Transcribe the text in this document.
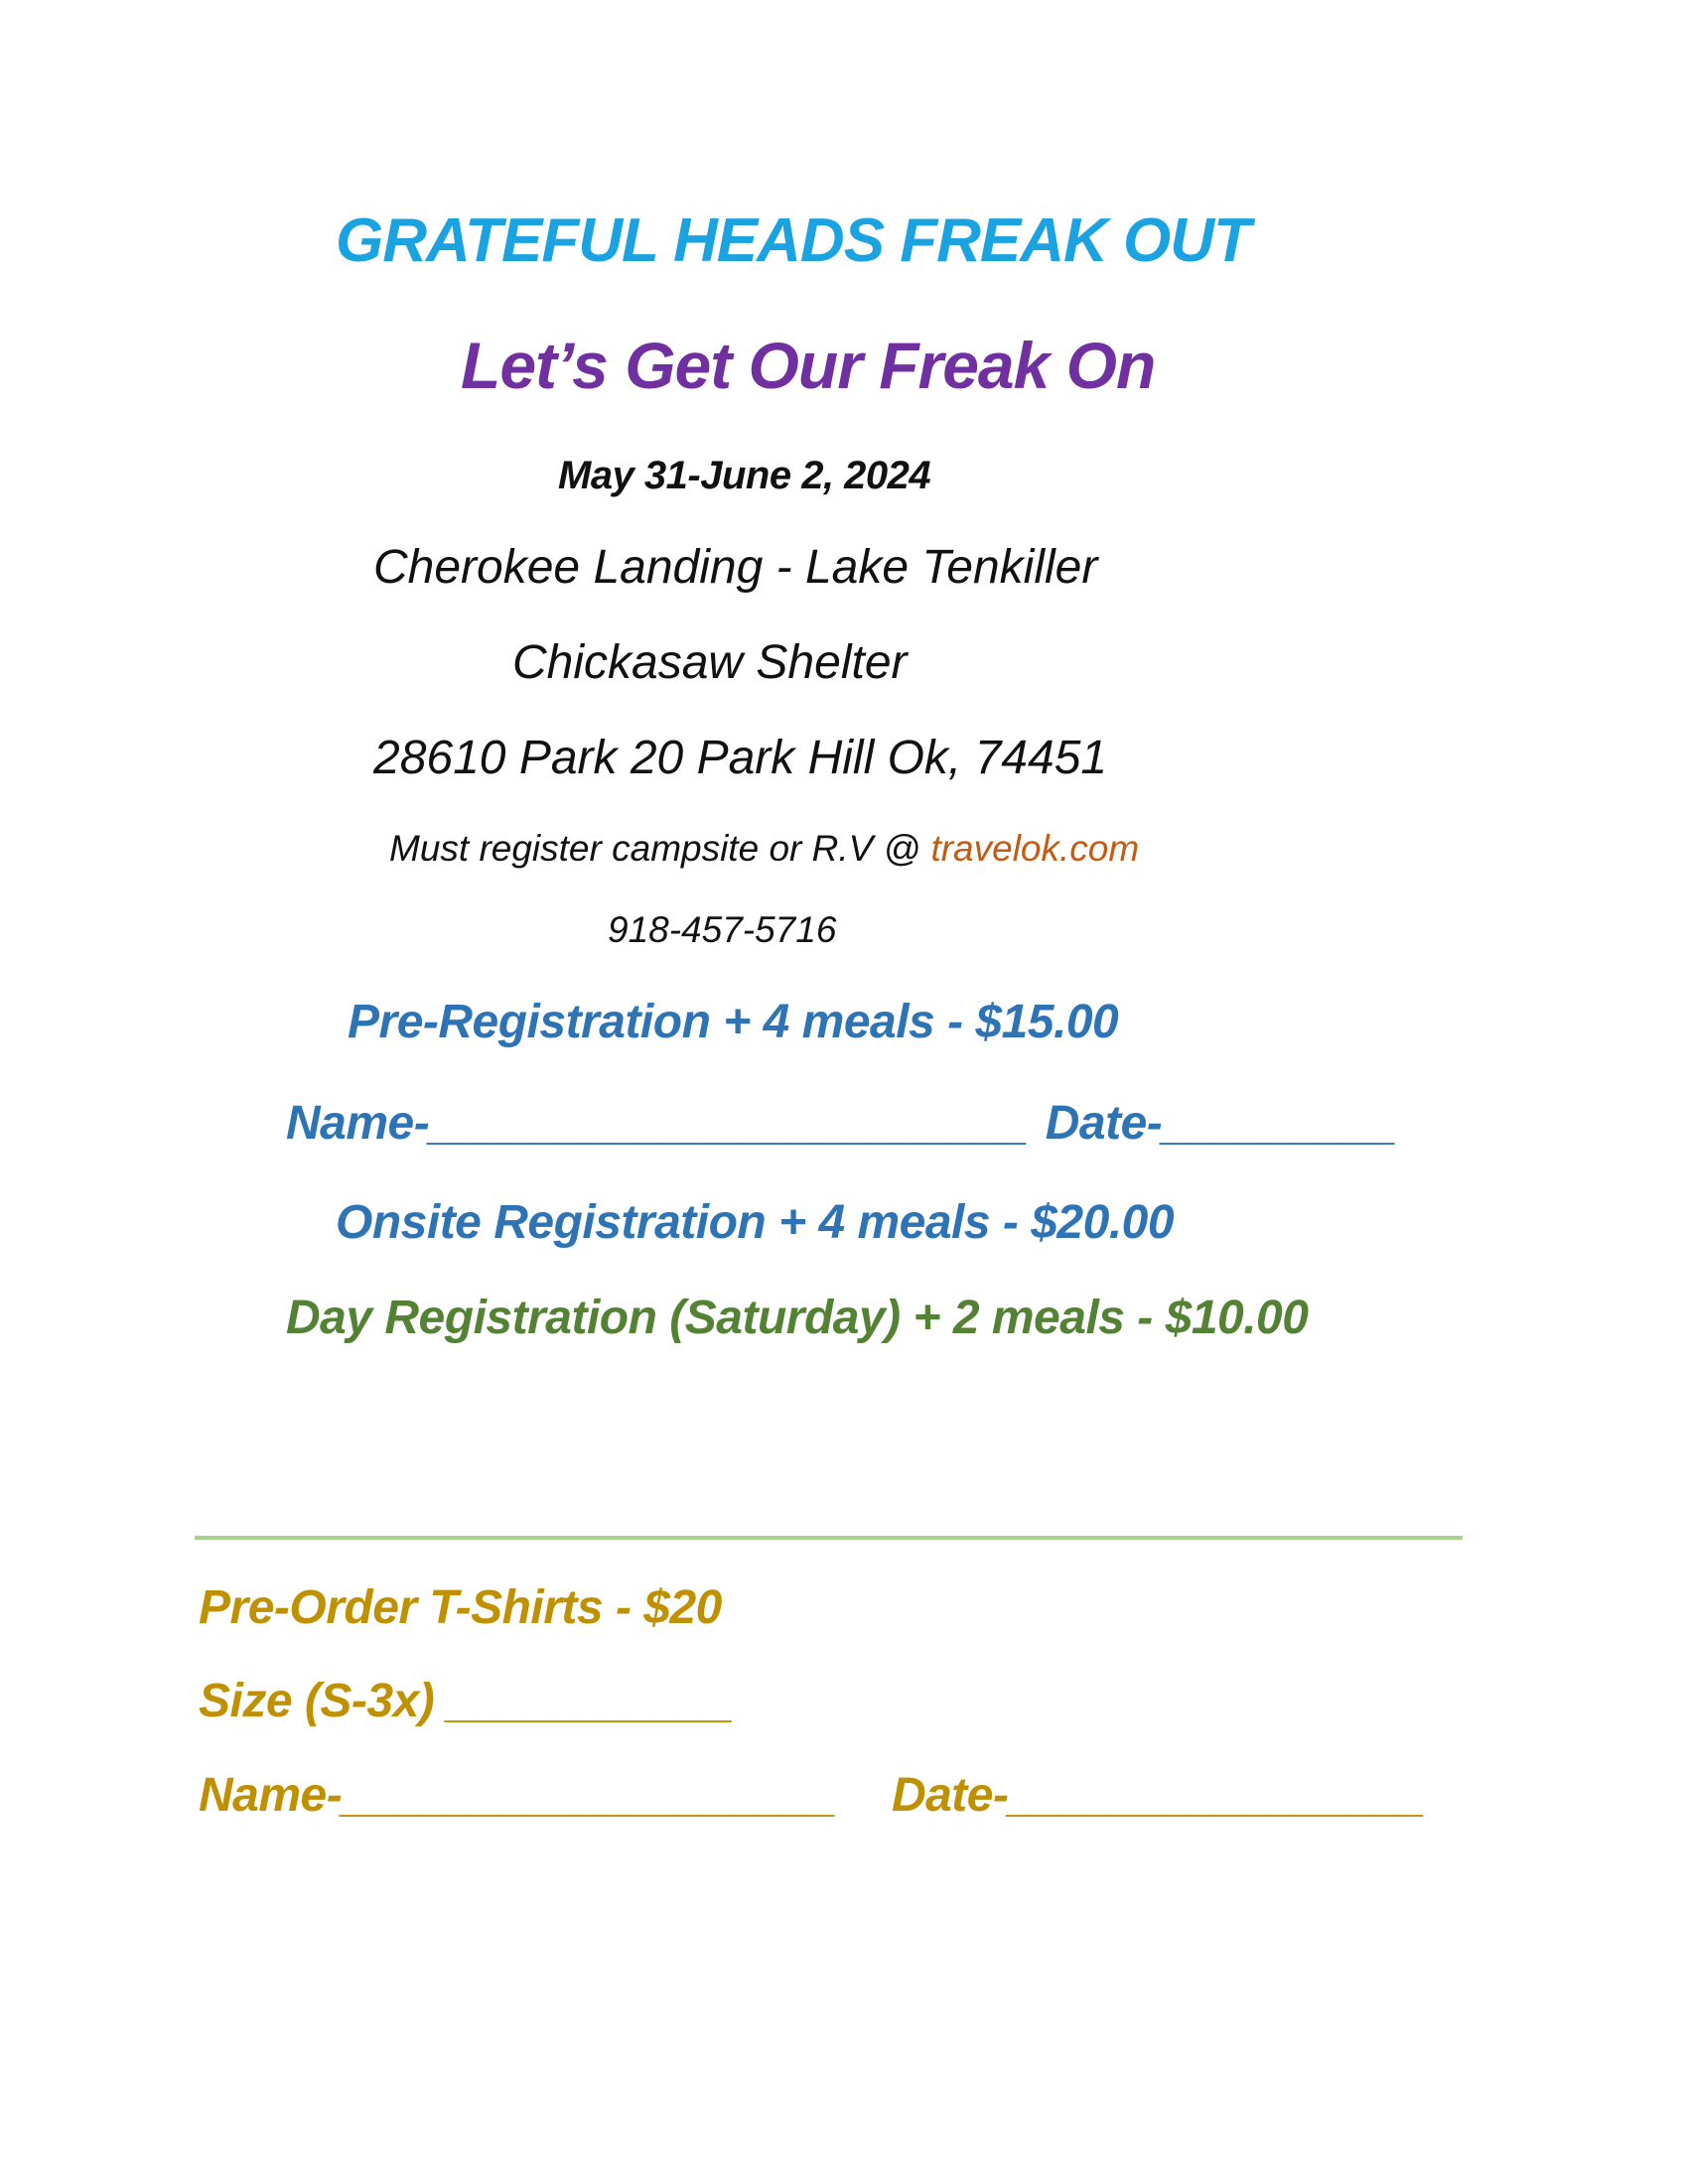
GRATEFUL HEADS FREAK OUT
Let’s Get Our Freak On
May 31-June 2, 2024
Cherokee Landing - Lake Tenkiller
Chickasaw Shelter
28610 Park 20 Park Hill Ok, 74451
Must register campsite or R.V @ travelok.com
918-457-5716
Pre-Registration + 4 meals - $15.00
Name-_______________________ Date-_________
Onsite Registration + 4 meals - $20.00
Day Registration (Saturday) + 2 meals - $10.00
Pre-Order T-Shirts - $20
Size (S-3x) ___________
Name-___________________ Date-________________
